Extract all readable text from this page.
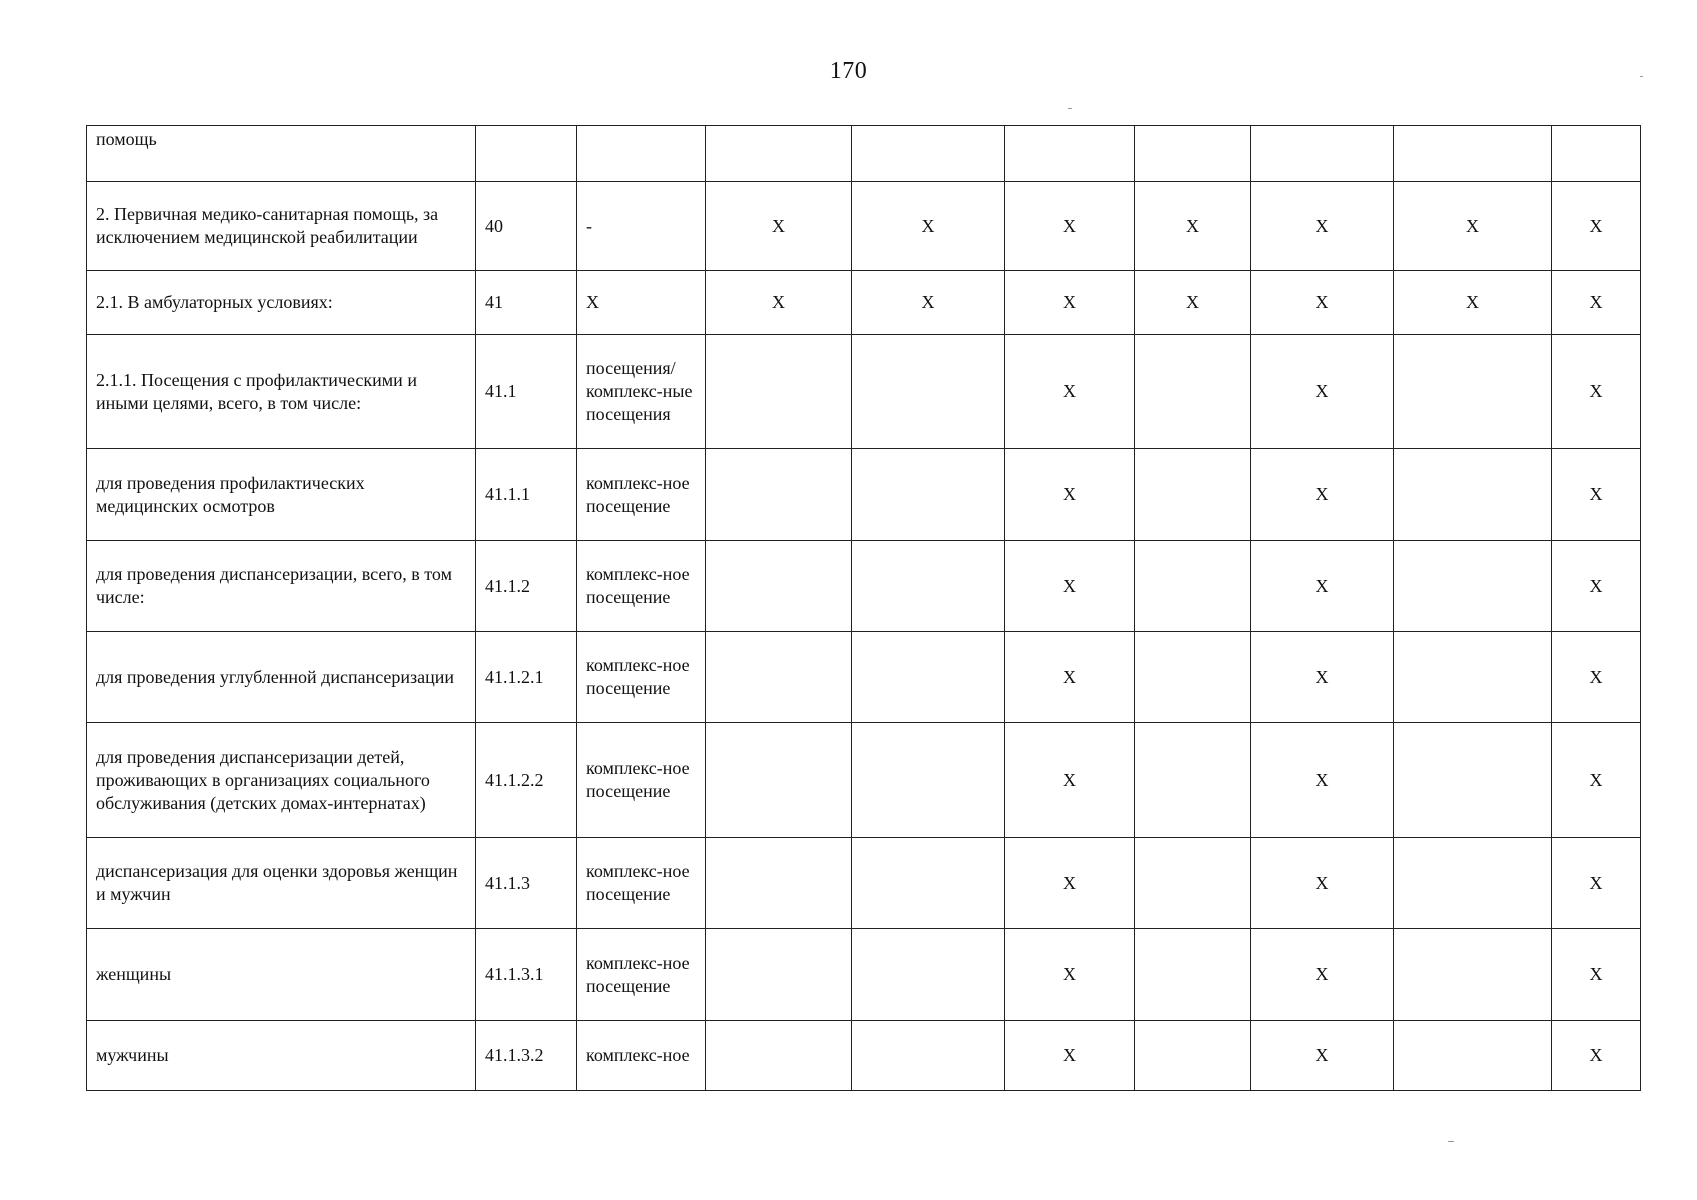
170
помощь									
2. Первичная медико-санитарная помощь, за исключением медицинской реабилитации	40	-	X	X	X	X	X	X	X
2.1. В амбулаторных условиях:	41	X	X	X	X	X	X	X	X
2.1.1. Посещения с профилактическими и иными целями, всего, в том числе:	41.1	посещения/ комплекс-ные посещения			X		X		X
для проведения профилактических медицинских осмотров	41.1.1	комплекс-ное посещение			X		X		X
для проведения диспансеризации, всего, в том числе:	41.1.2	комплекс-ное посещение			X		X		X
для проведения углубленной диспансеризации	41.1.2.1	комплекс-ное посещение			X		X		X
для проведения диспансеризации детей, проживающих в организациях социального обслуживания (детских домах-интернатах)	41.1.2.2	комплекс-ное посещение			X		X		X
диспансеризация для оценки здоровья женщин и мужчин	41.1.3	комплекс-ное посещение			X		X		X
женщины	41.1.3.1	комплекс-ное посещение			X		X		X
мужчины	41.1.3.2	комплекс-ное			X		X		X
